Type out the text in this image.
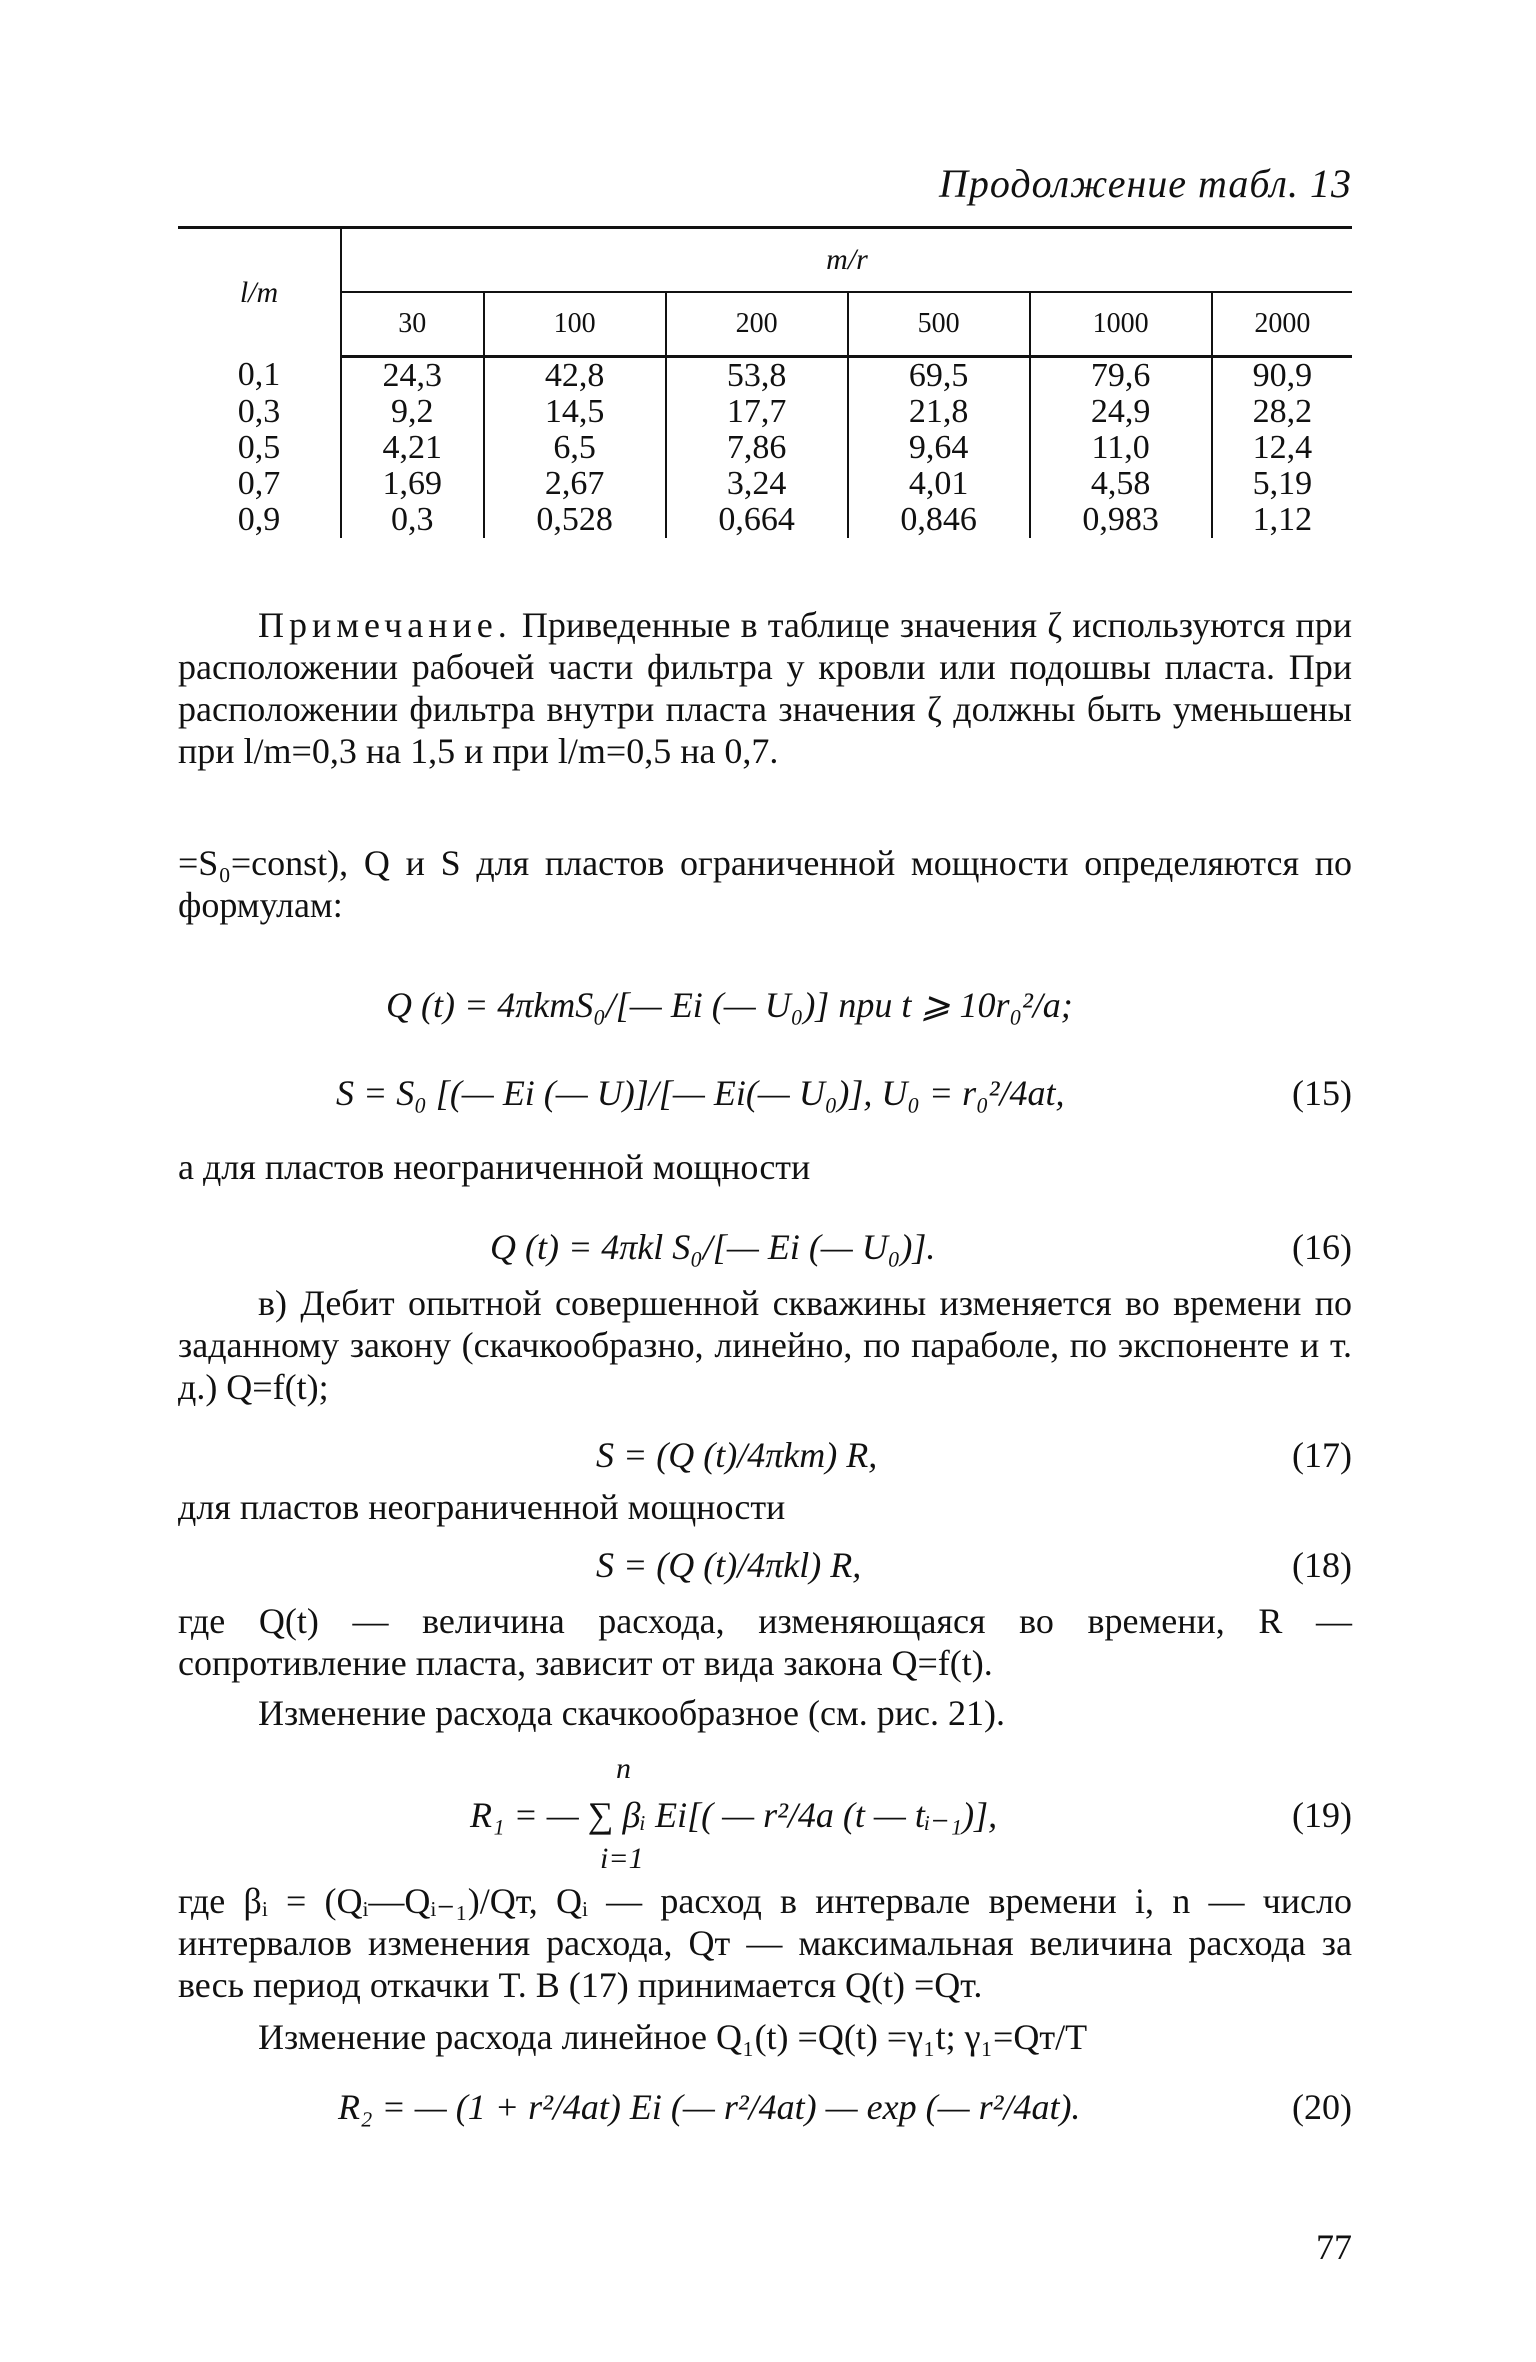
Продолжение табл. 13
l/m	m/r					
	30	100	200	500	1000	2000
0,1	24,3	42,8	53,8	69,5	79,6	90,9
0,3	9,2	14,5	17,7	21,8	24,9	28,2
0,5	4,21	6,5	7,86	9,64	11,0	12,4
0,7	1,69	2,67	3,24	4,01	4,58	5,19
0,9	0,3	0,528	0,664	0,846	0,983	1,12
Примечание. Приведенные в таблице значения ζ используются при расположении рабочей части фильтра у кровли или подошвы пласта. При расположении фильтра внутри пласта значения ζ должны быть уменьшены при l/m=0,3 на 1,5 и при l/m=0,5 на 0,7.
=S₀=const), Q и S для пластов ограниченной мощности определяются по формулам:
Q (t) = 4πkmS₀/[— Ei (— U₀)] при t ⩾ 10r₀²/a;
S = S₀ [(— Ei (— U)]/[— Ei(— U₀)], U₀ = r₀²/4at,	(15)
а для пластов неограниченной мощности
Q (t) = 4πkl S₀/[— Ei (— U₀)].	(16)
в) Дебит опытной совершенной скважины изменяется во времени по заданному закону (скачкообразно, линейно, по параболе, по экспоненте и т. д.) Q=f(t);
S = (Q (t)/4πkm) R,	(17)
для пластов неограниченной мощности
S = (Q (t)/4πkl) R,	(18)
где Q(t) — величина расхода, изменяющаяся во времени, R — сопротивление пласта, зависит от вида закона Q=f(t).
Изменение расхода скачкообразное (см. рис. 21).
n
R₁ = — ∑ βᵢ Ei[( — r²/4a (t — tᵢ₋₁)],
i=1
(19)
где βᵢ = (Qᵢ—Qᵢ₋₁)/Qт, Qᵢ — расход в интервале времени i, n — число интервалов изменения расхода, Qт — максимальная величина расхода за весь период откачки T. В (17) принимается Q(t) =Qт.
Изменение расхода линейное Q₁(t) =Q(t) =γ₁t; γ₁=Qт/T
R₂ = — (1 + r²/4at) Ei (— r²/4at) — exp (— r²/4at).	(20)
77
